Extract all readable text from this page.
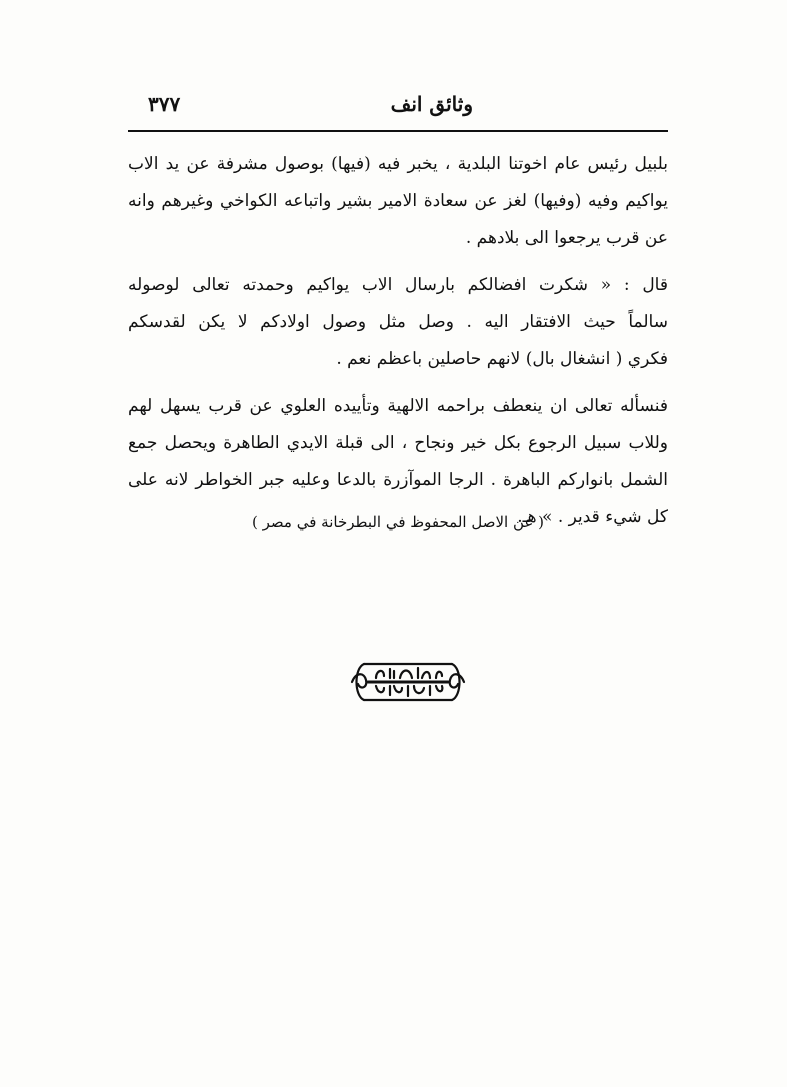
وثائق انف
٣٧٧
بلبيل رئيس عام اخوتنا البلدية ، يخبر فيه (فيها) بوصول مشرفة عن يد الاب
يواكيم وفيه (وفيها) لغز عن سعادة الامير بشير واتباعه الكواخي وغيرهم وانه
عن قرب يرجعوا الى بلادهم .
قال : « شكرت افضالكم بارسال الاب يواكيم وحمدته تعالى لوصوله
سالماً حيث الافتقار اليه . وصل مثل وصول اولادكم لا يكن لقدسكم
فكري ( انشغال بال) لانهم حاصلين باعظم نعم .
فنسأله تعالى ان ينعطف براحمه الالهية وتأييده العلوي عن قرب يسهل لهم
وللاب سبيل الرجوع بكل خير ونجاح ، الى قبلة الايدي الطاهرة ويحصل جمع
الشمل بانواركم الباهرة . الرجا الموآزرة بالدعا وعليه جبر الخواطر لانه على
كل شيء قدير . » هـ.
( عن الاصل المحفوظ في البطرخانة في مصر )
